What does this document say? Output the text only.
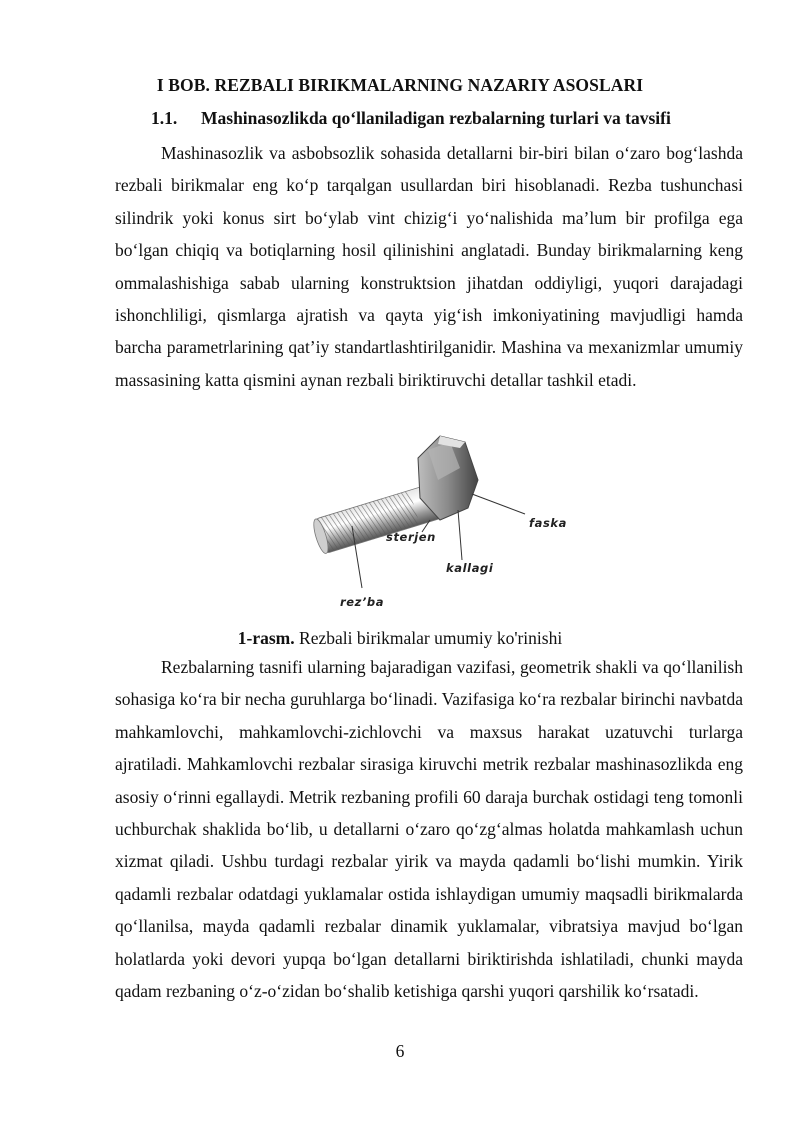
I BOB. REZBALI BIRIKMALARNING NAZARIY ASOSLARI
1.1. Mashinasozlikda qo‘llaniladigan rezbalarning turlari va tavsifi

Mashinasozlik va asbobsozlik sohasida detallarni bir-biri bilan o‘zaro bog‘lashda rezbali birikmalar eng ko‘p tarqalgan usullardan biri hisoblanadi. Rezba tushunchasi silindrik yoki konus sirt bo‘ylab vint chizig‘i yo‘nalishida ma’lum bir profilga ega bo‘lgan chiqiq va botiqlarning hosil qilinishini anglatadi. Bunday birikmalarning keng ommalashishiga sabab ularning konstruktsion jihatdan oddiyligi, yuqori darajadagi ishonchliligi, qismlarga ajratish va qayta yig‘ish imkoniyatining mavjudligi hamda barcha parametrlarining qat’iy standartlashtirilganidir. Mashina va mexanizmlar umumiy massasining katta qismini aynan rezbali biriktiruvchi detallar tashkil etadi.

faska
sterjen
kallagi
rez’ba
1-rasm. Rezbali birikmalar umumiy ko'rinishi

Rezbalarning tasnifi ularning bajaradigan vazifasi, geometrik shakli va qo‘llanilish sohasiga ko‘ra bir necha guruhlarga bo‘linadi. Vazifasiga ko‘ra rezbalar birinchi navbatda mahkamlovchi, mahkamlovchi-zichlovchi va maxsus harakat uzatuvchi turlarga ajratiladi. Mahkamlovchi rezbalar sirasiga kiruvchi metrik rezbalar mashinasozlikda eng asosiy o‘rinni egallaydi. Metrik rezbaning profili 60 daraja burchak ostidagi teng tomonli uchburchak shaklida bo‘lib, u detallarni o‘zaro qo‘zg‘almas holatda mahkamlash uchun xizmat qiladi. Ushbu turdagi rezbalar yirik va mayda qadamli bo‘lishi mumkin. Yirik qadamli rezbalar odatdagi yuklamalar ostida ishlaydigan umumiy maqsadli birikmalarda qo‘llanilsa, mayda qadamli rezbalar dinamik yuklamalar, vibratsiya mavjud bo‘lgan holatlarda yoki devori yupqa bo‘lgan detallarni biriktirishda ishlatiladi, chunki mayda qadam rezbaning o‘z-o‘zidan bo‘shalib ketishiga qarshi yuqori qarshilik ko‘rsatadi.

6
